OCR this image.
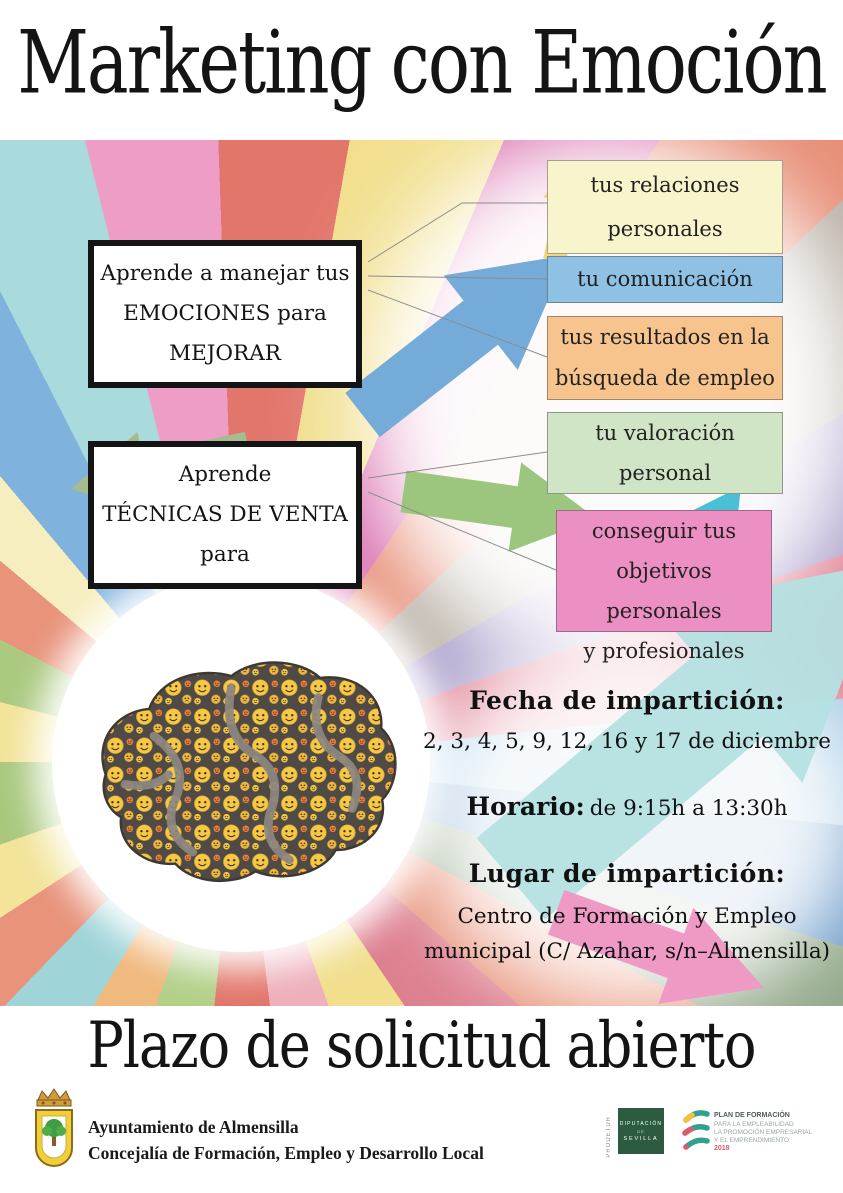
Marketing con Emoción
Aprende a manejar tus
EMOCIONES para
MEJORAR
Aprende
TÉCNICAS DE VENTA
para
tus relaciones
personales
tu comunicación
tus resultados en la
búsqueda de empleo
tu valoración
personal
conseguir tus
objetivos personales
y profesionales

Fecha de impartición:

2, 3, 4, 5, 9, 12, 16 y 17 de diciembre

Horario: de 9:15h a 13:30h

Lugar de impartición:

Centro de Formación y Empleo

municipal (C/ Azahar, s/n–Almensilla)

Plazo de solicitud abierto
Ayuntamiento de Almensilla
Concejalía de Formación, Empleo y Desarrollo Local	PRODETUR DIPUTACIÓN
DE
SEVILLA
PLAN DE FORMACIÓN
PARA LA EMPLEABILIDAD
LA PROMOCIÓN EMPRESARIAL
Y EL EMPRENDIMIENTO
2018
